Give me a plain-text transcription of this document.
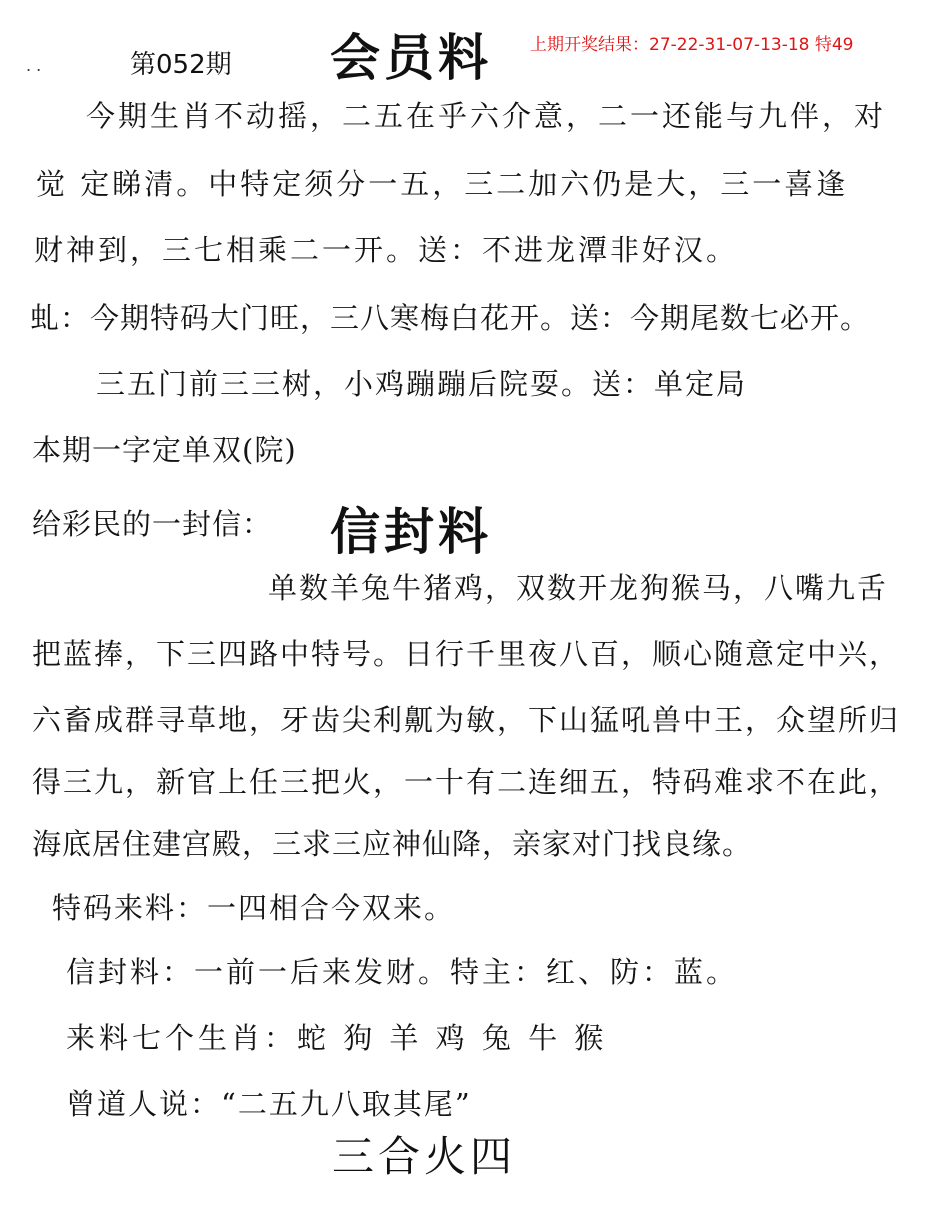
. .	第052期 会员料 上期开奖结果：27-22-31-07-13-18 特49
今期生肖不动摇，二五在乎六介意，二一还能与九伴，对
觉 定睇清。中特定须分一五，三二加六仍是大，三一喜逢
财神到，三七相乘二一开。送：不进龙潭非好汉。
虬：今期特码大门旺，三八寒梅白花开。送：今期尾数七必开。
三五门前三三树，小鸡蹦蹦后院耍。送：单定局
本期一字定单双(院)
给彩民的一封信： 信封料
单数羊兔牛猪鸡，双数开龙狗猴马，八嘴九舌
把蓝捧，下三四路中特号。日行千里夜八百，顺心随意定中兴，
六畜成群寻草地，牙齿尖利鼿为敏，下山猛吼兽中王，众望所归
得三九，新官上任三把火，一十有二连细五，特码难求不在此，
海底居住建宫殿，三求三应神仙降，亲家对门找良缘。
特码来料：一四相合今双来。
信封料：一前一后来发财。特主：红、防：蓝。
来料七个生肖：蛇 狗 羊 鸡 兔 牛 猴
曾道人说：“二五九八取其尾”
三合火四
